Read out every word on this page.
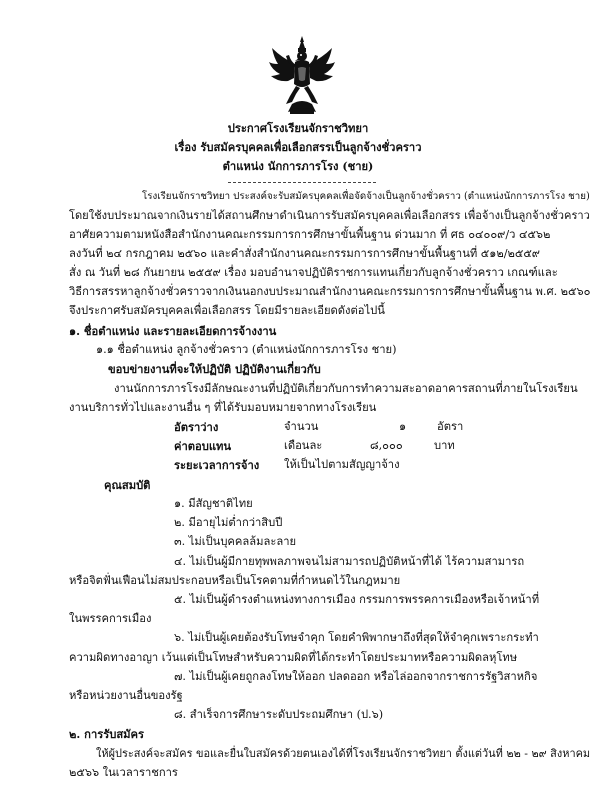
ประกาศโรงเรียนจักราชวิทยา
เรื่อง รับสมัครบุคคลเพื่อเลือกสรรเป็นลูกจ้างชั่วคราว
ตำแหน่ง นักการภารโรง (ชาย)
โรงเรียนจักราชวิทยา ประสงค์จะรับสมัครบุคคลเพื่อจัดจ้างเป็นลูกจ้างชั่วคราว (ตำแหน่งนักการภารโรง ชาย)
โดยใช้งบประมาณจากเงินรายได้สถานศึกษาดำเนินการรับสมัครบุคคลเพื่อเลือกสรร เพื่อจ้างเป็นลูกจ้างชั่วคราว
อาศัยความตามหนังสือสำนักงานคณะกรรมการการศึกษาขั้นพื้นฐาน ด่วนมาก ที่ ศธ ๐๔๐๐๙/ว ๔๕๖๒
ลงวันที่ ๒๔ กรกฎาคม ๒๕๖๐ และคำสั่งสำนักงานคณะกรรมการการศึกษาขั้นพื้นฐานที่ ๕๑๒/๒๕๕๙
สั่ง ณ วันที่ ๒๘ กันยายน ๒๕๕๙ เรื่อง มอบอำนาจปฏิบัติราชการแทนเกี่ยวกับลูกจ้างชั่วคราว เกณฑ์และ
วิธีการสรรหาลูกจ้างชั่วคราวจากเงินนอกงบประมาณสำนักงานคณะกรรมการการศึกษาขั้นพื้นฐาน พ.ศ. ๒๕๖๐
จึงประกาศรับสมัครบุคคลเพื่อเลือกสรร โดยมีรายละเอียดดังต่อไปนี้
๑. ชื่อตำแหน่ง และรายละเอียดการจ้างงาน
๑.๑ ชื่อตำแหน่ง ลูกจ้างชั่วคราว (ตำแหน่งนักการภารโรง ชาย)
ขอบข่ายงานที่จะให้ปฏิบัติ ปฏิบัติงานเกี่ยวกับ
งานนักการภารโรงมีลักษณะงานที่ปฏิบัติเกี่ยวกับการทำความสะอาดอาคารสถานที่ภายในโรงเรียน
งานบริการทั่วไปและงานอื่น ๆ ที่ได้รับมอบหมายจากทางโรงเรียน
อัตราว่าง	จำนวน	๑	อัตรา
ค่าตอบแทน	เดือนละ	๘,๐๐๐	บาท
ระยะเวลาการจ้าง ให้เป็นไปตามสัญญาจ้าง
คุณสมบัติ
๑. มีสัญชาติไทย
๒. มีอายุไม่ต่ำกว่าสิบปี
๓. ไม่เป็นบุคคลล้มละลาย
๔. ไม่เป็นผู้มีกายทุพพลภาพจนไม่สามารถปฏิบัติหน้าที่ได้ ไร้ความสามารถ
หรือจิตฟั่นเฟือนไม่สมประกอบหรือเป็นโรคตามที่กำหนดไว้ในกฎหมาย
๕. ไม่เป็นผู้ดำรงตำแหน่งทางการเมือง กรรมการพรรคการเมืองหรือเจ้าหน้าที่
ในพรรคการเมือง
๖. ไม่เป็นผู้เคยต้องรับโทษจำคุก โดยคำพิพากษาถึงที่สุดให้จำคุกเพราะกระทำ
ความผิดทางอาญา เว้นแต่เป็นโทษสำหรับความผิดที่ได้กระทำโดยประมาทหรือความผิดลหุโทษ
๗. ไม่เป็นผู้เคยถูกลงโทษให้ออก ปลดออก หรือไล่ออกจากราชการรัฐวิสาหกิจ
หรือหน่วยงานอื่นของรัฐ
๘. สำเร็จการศึกษาระดับประถมศึกษา (ป.๖)
๒. การรับสมัคร
ให้ผู้ประสงค์จะสมัคร ขอและยื่นใบสมัครด้วยตนเองได้ที่โรงเรียนจักราชวิทยา ตั้งแต่วันที่ ๒๒ - ๒๙ สิงหาคม
๒๕๖๖ ในเวลาราชการ
